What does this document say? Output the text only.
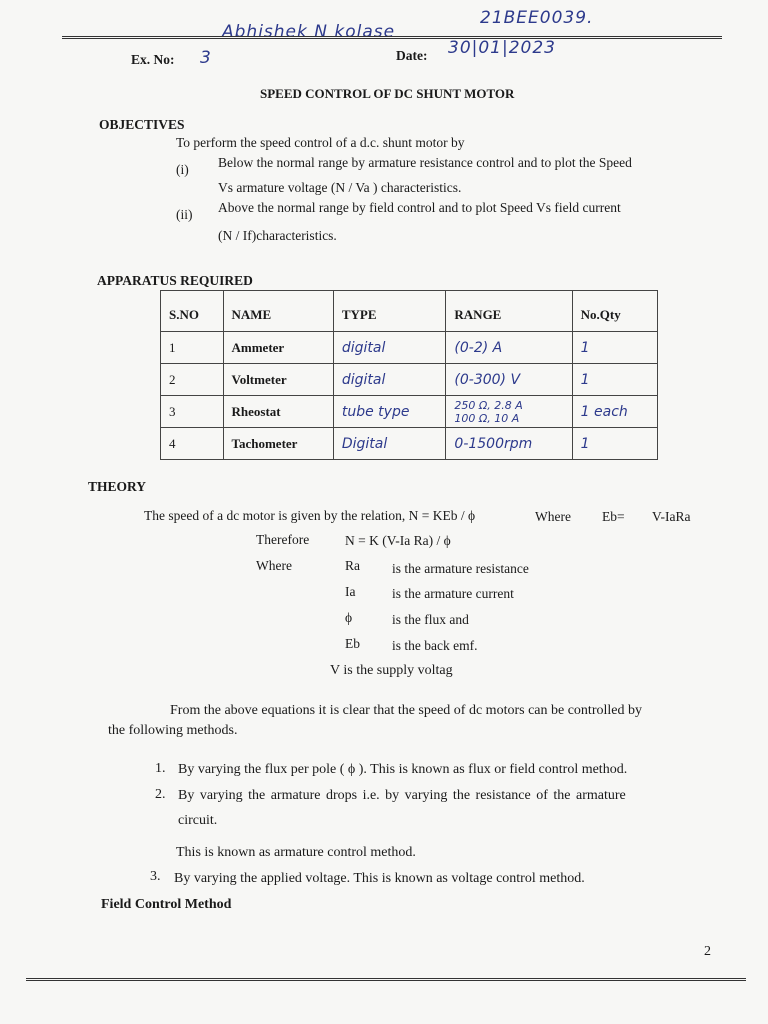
Abhishek N kolase
21BEE0039.
Ex. No: 3	Date: 30|01|2023
SPEED CONTROL OF DC SHUNT MOTOR
OBJECTIVES
To perform the speed control of a d.c. shunt motor by
(i) Below the normal range by armature resistance control and to plot the Speed
Vs armature voltage (N / Va ) characteristics.
(ii) Above the normal range by field control and to plot Speed Vs field current
(N / If)characteristics.
APPARATUS REQUIRED
S.NO	NAME	TYPE	RANGE	No.Qty
1	Ammeter	digital	(0-2) A	1
2	Voltmeter	digital	(0-300) V	1
3	Rheostat	tube type	250 Ω, 2.8 A
100 Ω, 10 A	1 each
4	Tachometer	Digital	0-1500rpm	1
THEORY
The speed of a dc motor is given by the relation, N = KEb / ϕ	Where Eb= V-IaRa
Therefore	N = K (V-Ia Ra) / ϕ
Where	Ra is the armature resistance
Ia	is the armature current
ϕ	is the flux and
Eb is the back emf.
V is the supply voltag
From the above equations it is clear that the speed of dc motors can be controlled by
the following methods.
1. By varying the flux per pole ( ϕ ). This is known as flux or field control method.
2. By varying the armature drops i.e. by varying the resistance of the armature
circuit.
This is known as armature control method.
3. By varying the applied voltage. This is known as voltage control method.
Field Control Method
2
